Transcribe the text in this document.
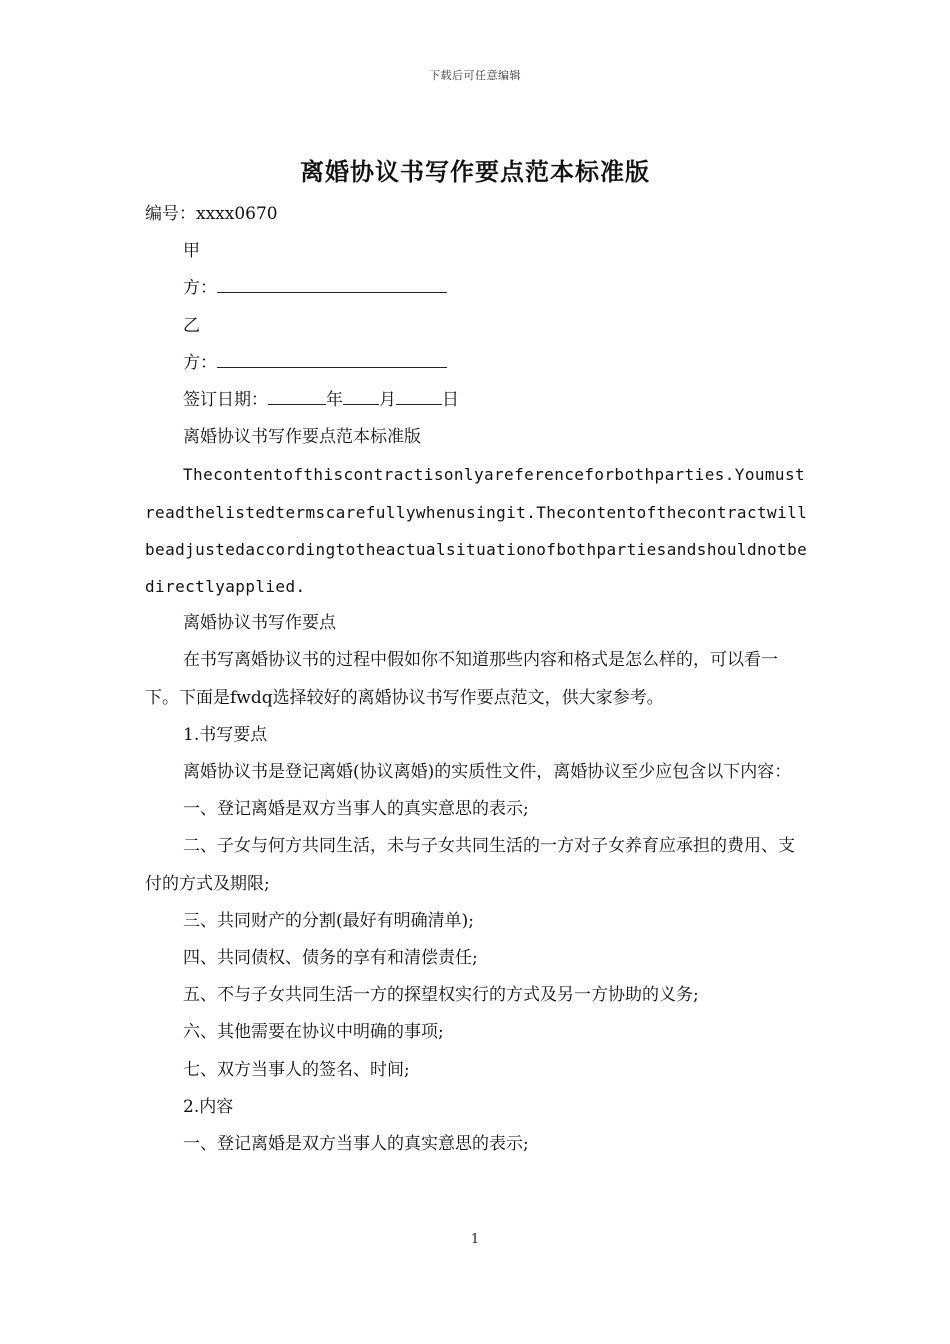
下载后可任意编辑
离婚协议书写作要点范本标准版

编号：xxxx0670

甲

方：

乙

方：

签订日期：	年 月	日

离婚协议书写作要点范本标准版

Thecontentofthiscontractisonlyareferenceforbothparties.Youmustreadthelistedtermscarefullywhenusingit.Thecontentofthecontractwillbeadjustedaccordingtotheactualsituationofbothpartiesandshouldnotbedirectlyapplied.

离婚协议书写作要点

在书写离婚协议书的过程中假如你不知道那些内容和格式是怎么样的，可以看一下。下面是fwdq选择较好的离婚协议书写作要点范文，供大家参考。

1.书写要点

离婚协议书是登记离婚(协议离婚)的实质性文件，离婚协议至少应包含以下内容：

一、登记离婚是双方当事人的真实意思的表示;

二、子女与何方共同生活，未与子女共同生活的一方对子女养育应承担的费用、支付的方式及期限;

三、共同财产的分割(最好有明确清单);

四、共同债权、债务的享有和清偿责任;

五、不与子女共同生活一方的探望权实行的方式及另一方协助的义务;

六、其他需要在协议中明确的事项;

七、双方当事人的签名、时间;

2.内容

一、登记离婚是双方当事人的真实意思的表示;

1
